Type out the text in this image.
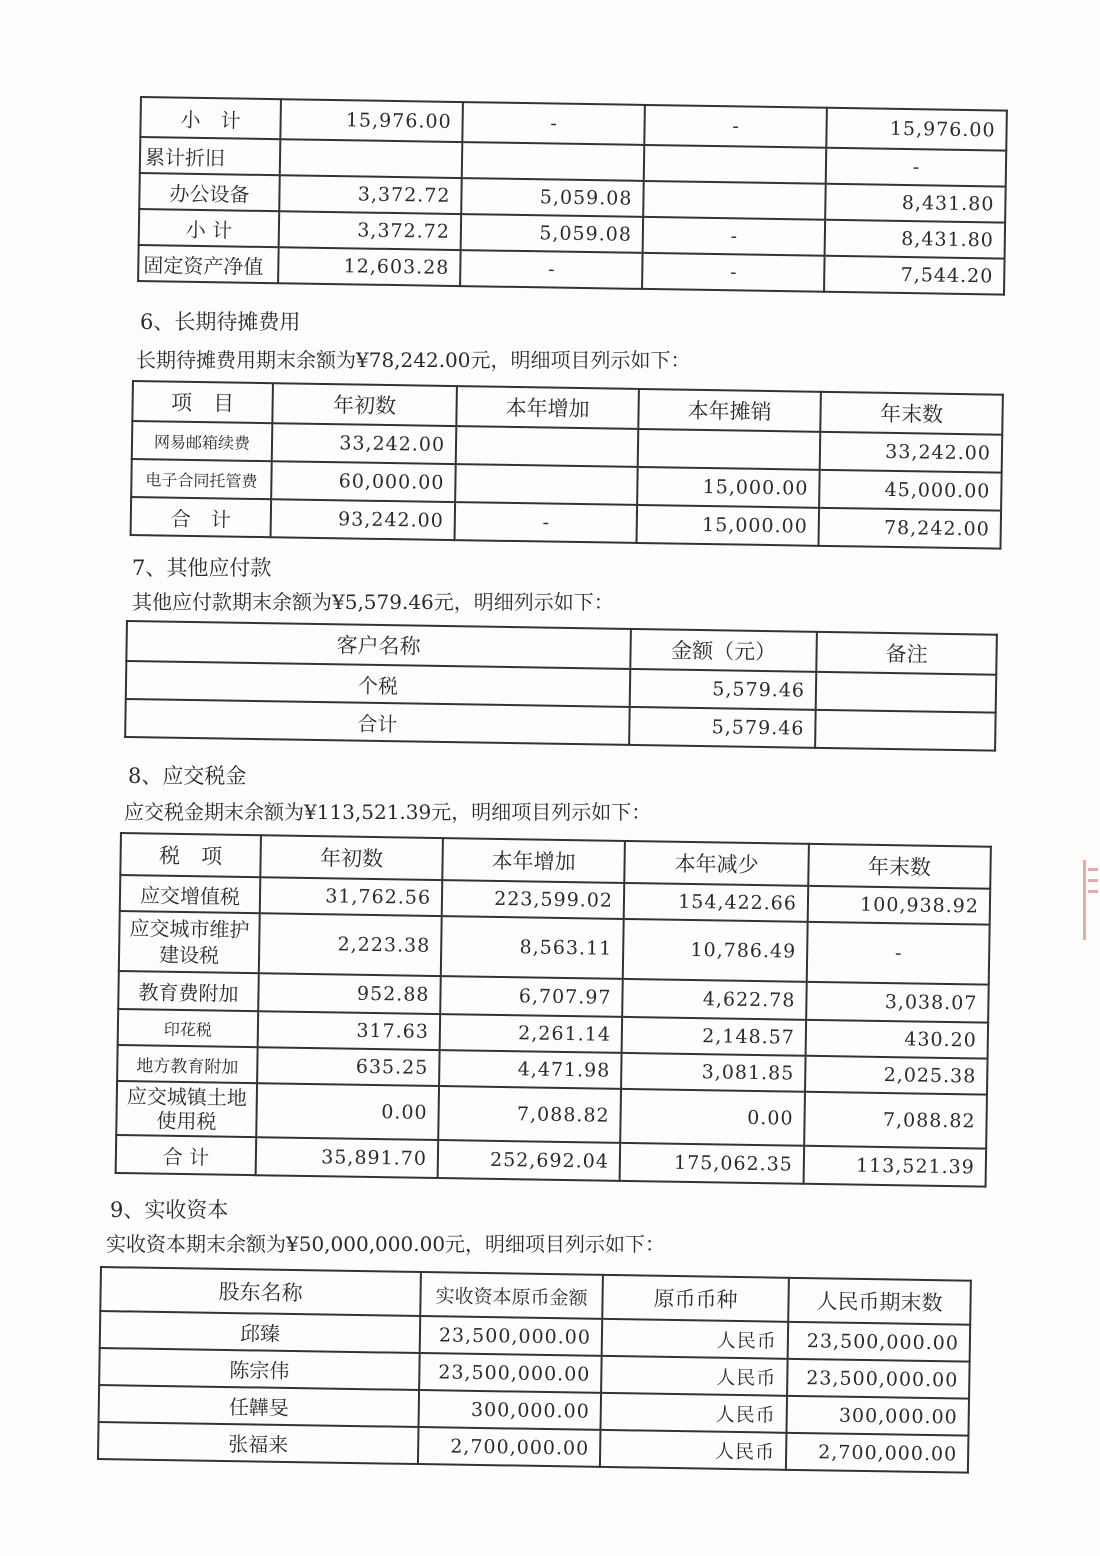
小　计	15,976.00	-	-	15,976.00
累计折旧				-
办公设备	3,372.72	5,059.08		8,431.80
小 计	3,372.72	5,059.08	-	8,431.80
固定资产净值	12,603.28	-	-	7,544.20
6、长期待摊费用
长期待摊费用期末余额为¥78,242.00元，明细项目列示如下：
项　目	年初数	本年增加	本年摊销	年末数
网易邮箱续费	33,242.00			33,242.00
电子合同托管费	60,000.00		15,000.00	45,000.00
合　计	93,242.00	-	15,000.00	78,242.00
7、其他应付款
其他应付款期末余额为¥5,579.46元，明细列示如下：
客户名称	金额（元）	备注
个税	5,579.46	
合计	5,579.46	
8、应交税金
应交税金期末余额为¥113,521.39元，明细项目列示如下：
税　项	年初数	本年增加	本年减少	年末数
应交增值税	31,762.56	223,599.02	154,422.66	100,938.92
应交城市维护建设税	2,223.38	8,563.11	10,786.49	-
教育费附加	952.88	6,707.97	4,622.78	3,038.07
印花税	317.63	2,261.14	2,148.57	430.20
地方教育附加	635.25	4,471.98	3,081.85	2,025.38
应交城镇土地使用税	0.00	7,088.82	0.00	7,088.82
合 计	35,891.70	252,692.04	175,062.35	113,521.39
9、实收资本
实收资本期末余额为¥50,000,000.00元，明细项目列示如下：
股东名称	实收资本原币金额	原币币种	人民币期末数
邱臻	23,500,000.00	人民币	23,500,000.00
陈宗伟	23,500,000.00	人民币	23,500,000.00
任韡旻	300,000.00	人民币	300,000.00
张福来	2,700,000.00	人民币	2,700,000.00
